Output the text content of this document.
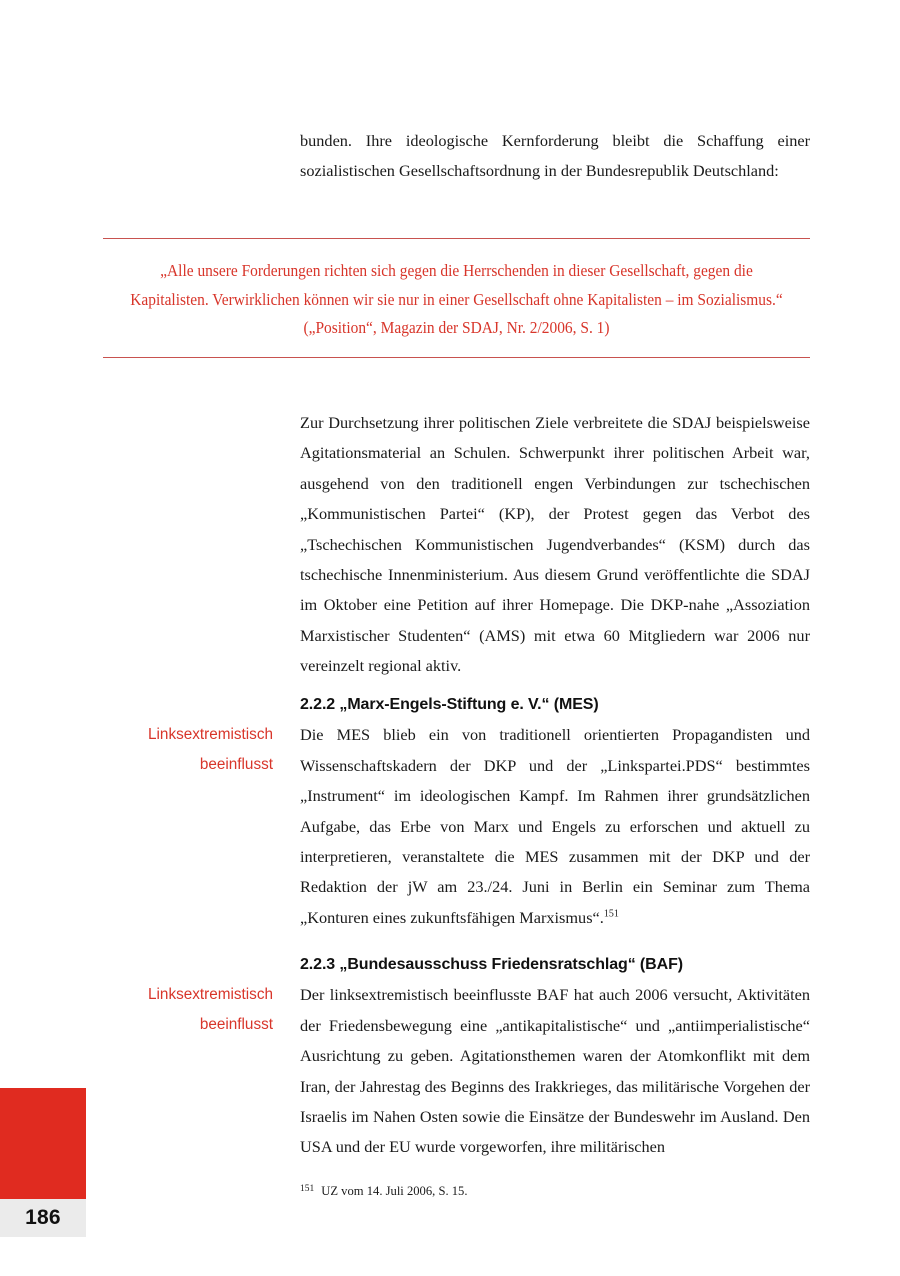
186

bunden. Ihre ideologische Kernforderung bleibt die Schaffung einer sozialistischen Gesellschaftsordnung in der Bundesrepublik Deutschland:

„Alle unsere Forderungen richten sich gegen die Herrschenden in dieser Gesellschaft, gegen die Kapitalisten. Verwirklichen können wir sie nur in einer Gesellschaft ohne Kapitalisten – im Sozialismus.“
(„Position“, Magazin der SDAJ, Nr. 2/2006, S. 1)

Zur Durchsetzung ihrer politischen Ziele verbreitete die SDAJ beispielsweise Agitationsmaterial an Schulen. Schwerpunkt ihrer politischen Arbeit war, ausgehend von den traditionell engen Verbindungen zur tschechischen „Kommunistischen Partei“ (KP), der Protest gegen das Verbot des „Tschechischen Kommunistischen Jugendverbandes“ (KSM) durch das tschechische Innenministerium. Aus diesem Grund veröffentlichte die SDAJ im Oktober eine Petition auf ihrer Homepage. Die DKP-nahe „Assoziation Marxistischer Studenten“ (AMS) mit etwa 60 Mitgliedern war 2006 nur vereinzelt regional aktiv.

Linksextremistisch
beeinflusst
2.2.2 „Marx-Engels-Stiftung e. V.“ (MES)

Die MES blieb ein von traditionell orientierten Propagandisten und Wissenschaftskadern der DKP und der „Linkspartei.PDS“ bestimmtes „Instrument“ im ideologischen Kampf. Im Rahmen ihrer grundsätzlichen Aufgabe, das Erbe von Marx und Engels zu erforschen und aktuell zu interpretieren, veranstaltete die MES zusammen mit der DKP und der Redaktion der jW am 23./24. Juni in Berlin ein Seminar zum Thema „Konturen eines zukunftsfähigen Marxismus“.$^{151}$

Linksextremistisch
beeinflusst
2.2.3 „Bundesausschuss Friedensratschlag“ (BAF)

Der linksextremistisch beeinflusste BAF hat auch 2006 versucht, Aktivitäten der Friedensbewegung eine „antikapitalistische“ und „antiimperialistische“ Ausrichtung zu geben. Agitationsthemen waren der Atomkonflikt mit dem Iran, der Jahrestag des Beginns des Irakkrieges, das militärische Vorgehen der Israelis im Nahen Osten sowie die Einsätze der Bundeswehr im Ausland. Den USA und der EU wurde vorgeworfen, ihre militärischen

151 UZ vom 14. Juli 2006, S. 15.
